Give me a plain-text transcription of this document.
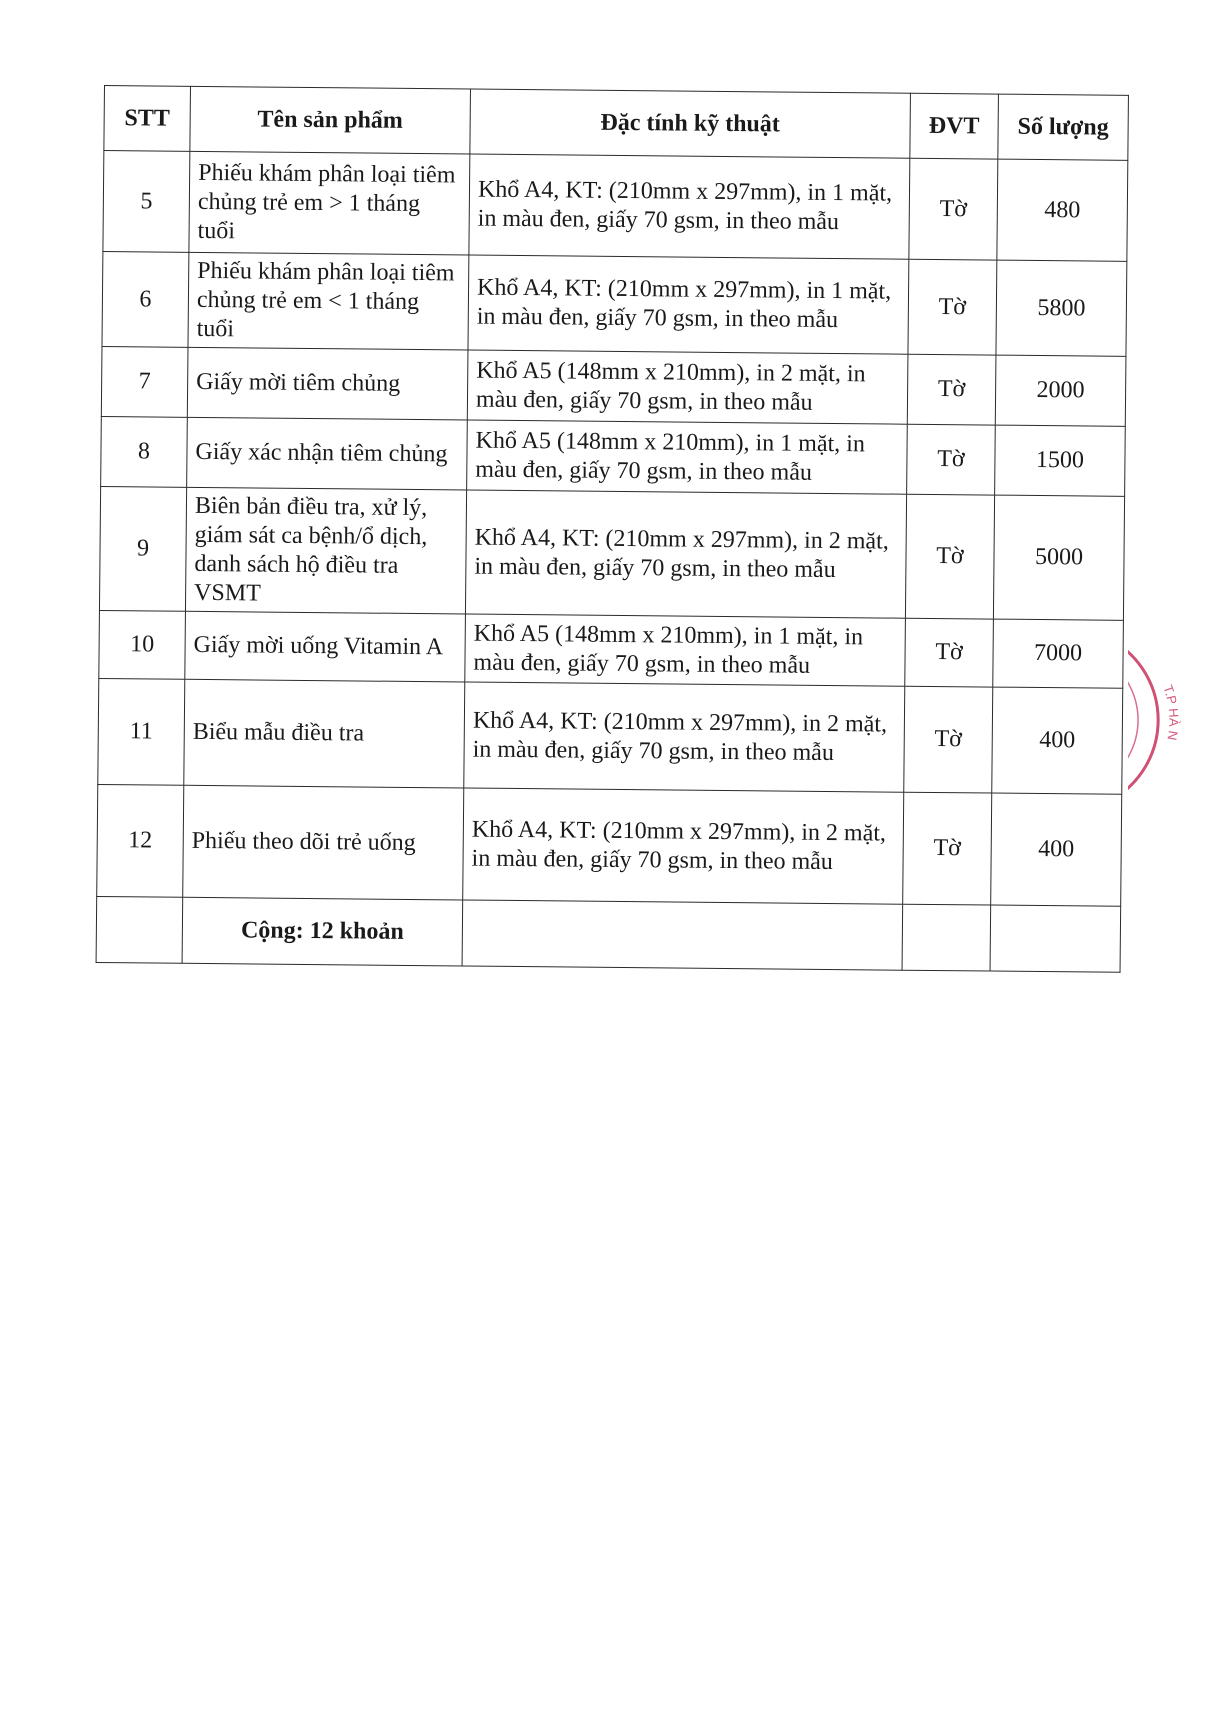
STT	Tên sản phẩm	Đặc tính kỹ thuật	ĐVT	Số lượng
5	Phiếu khám phân loại tiêm chủng trẻ em > 1 tháng tuổi	Khổ A4, KT: (210mm x 297mm), in 1 mặt, in màu đen, giấy 70 gsm, in theo mẫu	Tờ	480
6	Phiếu khám phân loại tiêm chủng trẻ em < 1 tháng tuổi	Khổ A4, KT: (210mm x 297mm), in 1 mặt, in màu đen, giấy 70 gsm, in theo mẫu	Tờ	5800
7	Giấy mời tiêm chủng	Khổ A5 (148mm x 210mm), in 2 mặt, in màu đen, giấy 70 gsm, in theo mẫu	Tờ	2000
8	Giấy xác nhận tiêm chủng	Khổ A5 (148mm x 210mm), in 1 mặt, in màu đen, giấy 70 gsm, in theo mẫu	Tờ	1500
9	Biên bản điều tra, xử lý, giám sát ca bệnh/ổ dịch, danh sách hộ điều tra VSMT	Khổ A4, KT: (210mm x 297mm), in 2 mặt, in màu đen, giấy 70 gsm, in theo mẫu	Tờ	5000
10	Giấy mời uống Vitamin A	Khổ A5 (148mm x 210mm), in 1 mặt, in màu đen, giấy 70 gsm, in theo mẫu	Tờ	7000
11	Biểu mẫu điều tra	Khổ A4, KT: (210mm x 297mm), in 2 mặt, in màu đen, giấy 70 gsm, in theo mẫu	Tờ	400
12	Phiếu theo dõi trẻ uống	Khổ A4, KT: (210mm x 297mm), in 2 mặt, in màu đen, giấy 70 gsm, in theo mẫu	Tờ	400
	Cộng: 12 khoản			
T.P HÀ N
